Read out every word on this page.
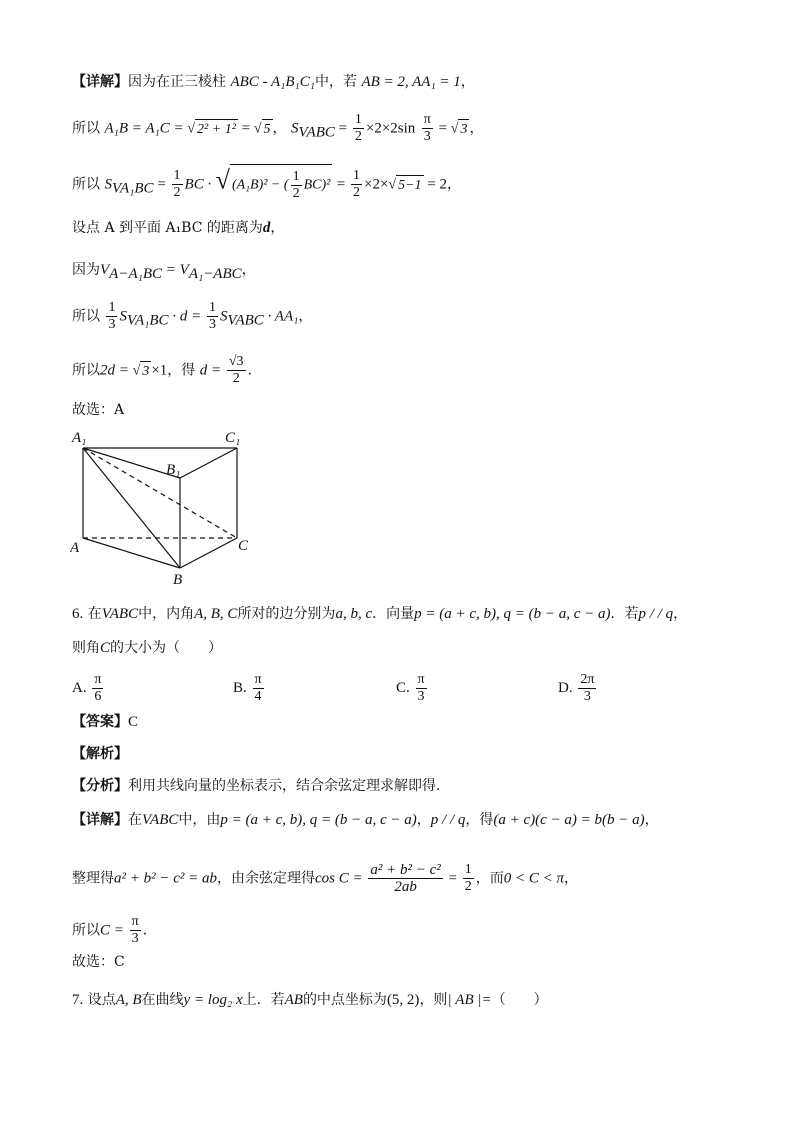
【详解】因为在正三棱柱 ABC - A₁B₁C₁中，若 AB = 2, AA₁ = 1，
所以 A₁B = A₁C = √ 2² + 1² = √ 5 ， $S_{VABC} = \frac{1}{2} \times 2\times 2\sin \frac{\pi}{3}$ = √ 3 ，
所以 $S_{VA_1BC} = \frac{1}{2}$ BC · √ (A₁B)² − ( $\frac{1}{2} BC)^2 = \frac{1}{2} \times 2\times√$ 5−1 = 2，
设点 A 到平面 A₁BC 的距离为d，
因为$V_{A-A_1BC} = V_{A_1-ABC}$，
所以 $\frac{1}{3} S_{VA_1BC} \cdot d = \frac{1}{3} S_{VABC} \cdot AA_1$，
所以2d = √ 3 ×1，得 $d = \frac{√3}{2}$ .
故选：A
A₁	C₁
B₁
A	C
B
6. 在VABC中，内角A, B, C所对的边分别为a, b, c．向量p = (a + c, b), q = (b − a, c − a)．若p / / q，
则角C的大小为（　　）
A. $\frac{\pi}{6}$	B. $\frac{\pi}{4}$	C. $\frac{\pi}{3}$	D. $\frac{2\pi}{3}$
【答案】C
【解析】
【分析】利用共线向量的坐标表示，结合余弦定理求解即得.
【详解】在VABC中，由p = (a + c, b), q = (b − a, c − a)，p / / q，得(a + c)(c − a) = b(b − a)，
整理得a² + b² − c² = ab，由余弦定理得$\cos C = \frac{\text{a² + b² − c²}}{2ab} = \frac{1}{2}$ ，而0 < C < π，
所以$C = \frac{\pi}{3}$ .
故选：C
7. 设点A, B在曲线y = log₂ x上．若AB的中点坐标为(5, 2)，则| AB |=（　　）
